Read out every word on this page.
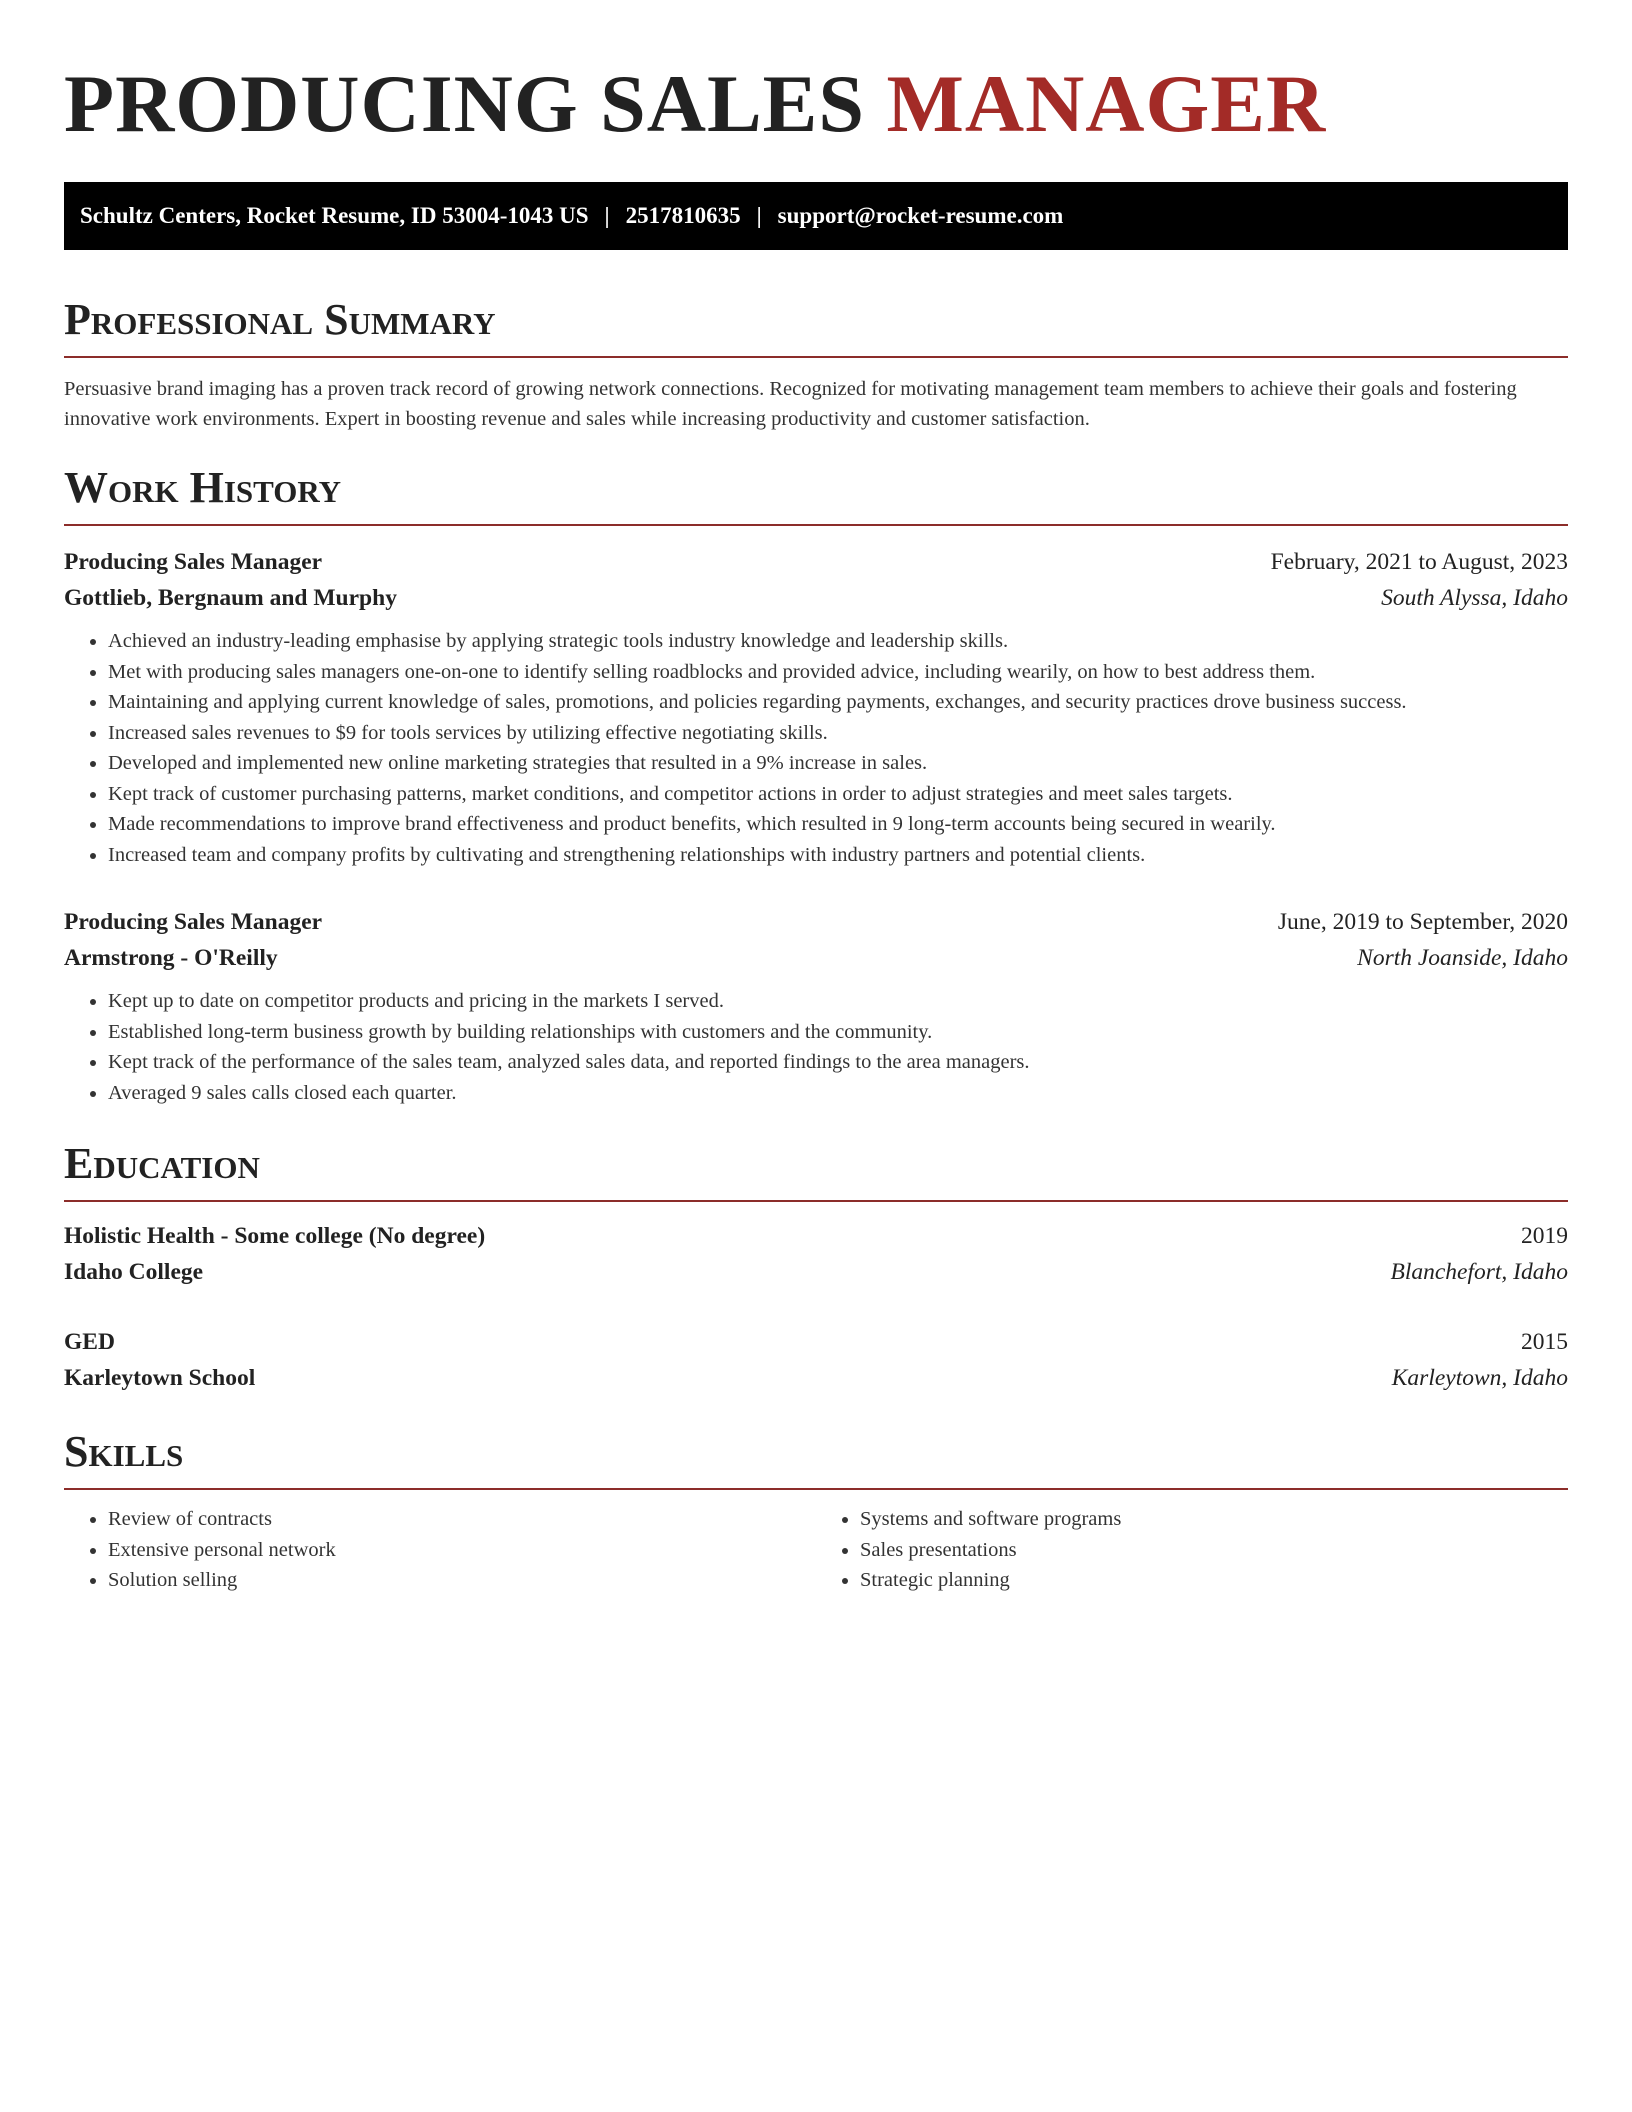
PRODUCING SALES MANAGER
Schultz Centers, Rocket Resume, ID 53004-1043 US | 2517810635 | support@rocket-resume.com
Professional Summary

Persuasive brand imaging has a proven track record of growing network connections. Recognized for motivating management team members to achieve their goals and fostering innovative work environments. Expert in boosting revenue and sales while increasing productivity and customer satisfaction.

Work History
Producing Sales Manager	February, 2021 to August, 2023
Gottlieb, Bergnaum and Murphy	South Alyssa, Idaho
• Achieved an industry-leading emphasise by applying strategic tools industry knowledge and leadership skills.
• Met with producing sales managers one-on-one to identify selling roadblocks and provided advice, including wearily, on how to best address them.
• Maintaining and applying current knowledge of sales, promotions, and policies regarding payments, exchanges, and security practices drove business success.
• Increased sales revenues to $9 for tools services by utilizing effective negotiating skills.
• Developed and implemented new online marketing strategies that resulted in a 9% increase in sales.
• Kept track of customer purchasing patterns, market conditions, and competitor actions in order to adjust strategies and meet sales targets.
• Made recommendations to improve brand effectiveness and product benefits, which resulted in 9 long-term accounts being secured in wearily.
• Increased team and company profits by cultivating and strengthening relationships with industry partners and potential clients.
Producing Sales Manager	June, 2019 to September, 2020
Armstrong - O'Reilly	North Joanside, Idaho
• Kept up to date on competitor products and pricing in the markets I served.
• Established long-term business growth by building relationships with customers and the community.
• Kept track of the performance of the sales team, analyzed sales data, and reported findings to the area managers.
• Averaged 9 sales calls closed each quarter.
Education
Holistic Health - Some college (No degree)	2019
Idaho College	Blanchefort, Idaho
GED	2015
Karleytown School	Karleytown, Idaho
Skills
• Review of contracts
• Extensive personal network
• Solution selling
• Systems and software programs
• Sales presentations
• Strategic planning
